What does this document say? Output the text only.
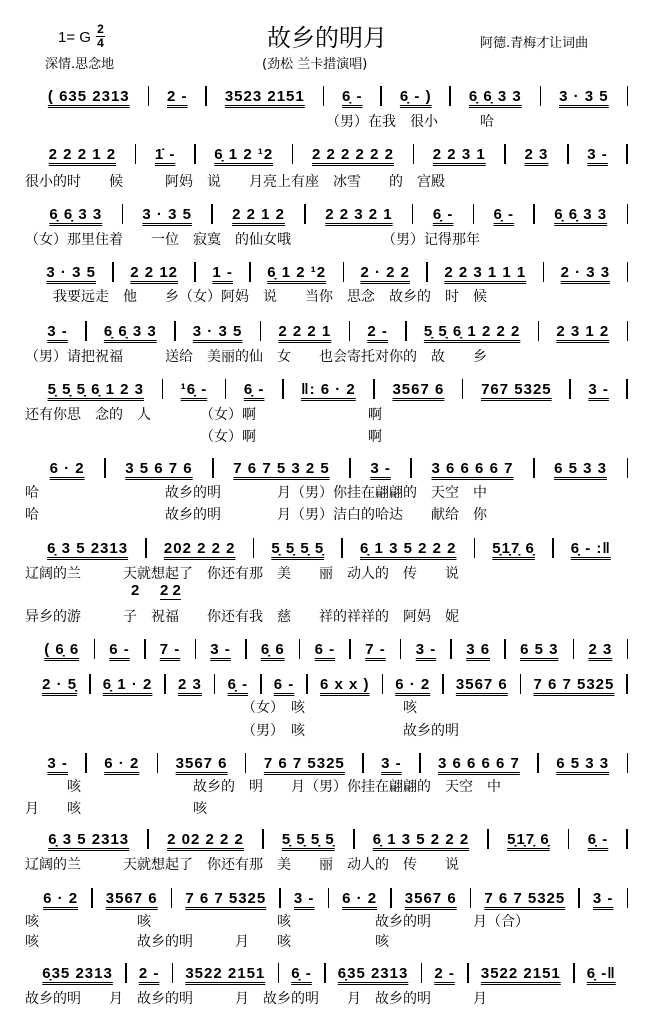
1= G 2
4	故乡的明月	阿德.青梅才让词曲
深情.思念地	(劲松 兰卡措演唱)
( 635 2313	2 -	3523 2151	6̣ -	6̣ - )	6̣ 6̣ 3 3	3 · 3 5
　　　　　　　　　　　　　　　　　　　　　　（男）在我　很小　　　哈
2 2 2 1 2	1̇ -	6̣ 1 2 ¹2	2 2 2 2 2 2	2 2 3 1	2 3	3 -
很小的时　　候　　　阿妈　说　　月亮上有座　冰雪　　的　宫殿
6̣ 6̣ 3 3	3 · 3 5	2 2 1 2	2 2 3 2 1	6̣ -	6̣ -	6̣ 6̣ 3 3
（女）那里住着　　一位　寂寞　的仙女哦　　　　　　　（男）记得那年
3 · 3 5	2 2 12	1 -	6̣ 1 2 ¹2	2 · 2 2	2 2 3 1 1 1	2 · 3 3
　　我要远走　他　　乡（女）阿妈　说　　当你　思念　故乡的　时　候
3 -	6̣ 6̣ 3 3	3 · 3 5	2 2 2 1	2 -	5̣ 5̣ 6̣ 1 2 2 2	2 3 1 2
（男）请把祝福　　　送给　美丽的仙　女　　也会寄托对你的　故　　乡
5̣ 5̣ 5̣ 6̣ 1 2 3	¹6̣ -	6̣ -	‖: 6 · 2	3567 6	767 5325	3 -
还有你思　念的　人　　　　（女）啊　　　　　　　　啊
　　　　　　　　　　　　　（女）啊　　　　　　　　啊
6 · 2	3 5 6 7 6	7 6 7 5 3 2 5	3 -	3 6 6 6 6 7	6 5 3 3
哈　　　　　　　　　故乡的明　　　　月（男）你挂在翩翩的　天空　中
哈　　　　　　　　　故乡的明　　　　月（男）洁白的哈达　　献给　你
6̣ 3 5 2313	202 2 2 2	5̣ 5̣ 5̣ 5̣	6̣ 1 3 5 2 2 2	5̣1̣7̣ 6̣	6̣ - :‖
辽阔的兰　　　天就想起了　你还有那　美　　丽　动人的　传　　说
异乡的游　　　子　祝福　　你还有我　慈　　祥的祥祥的　阿妈　妮
( 6̣ 6	6 -	7 -	3 -	6̣ 6	6 -	7 -	3 -	3 6	6 5 3	2 3
2 · 5̣	6̣ 1 · 2	2 3	6̣ -	6 -	6 x x )	6 · 2	3567 6	7 6 7 5325
　　　　　　　　　　　　　　　　（女）　咳　　　　　　　咳
　　　　　　　　　　　　　　　　（男）　咳　　　　　　　故乡的明
3 -	6 · 2	3567 6	7 6 7 5325	3 -	3 6 6 6 6 7	6 5 3 3
　　　咳　　　　　　　　故乡的　明　　月（男）你挂在翩翩的　天空　中
月　　咳　　　　　　　　咳
6̣ 3 5 2313	2 02 2 2 2	5̣ 5̣ 5̣ 5̣	6̣ 1 3 5 2 2 2	5̣1̣7̣ 6̣	6̣ -
辽阔的兰　　　天就想起了　你还有那　美　　丽　动人的　传　　说
6 · 2	3567 6	7 6 7 5325	3 -	6 · 2	3567 6	7 6 7 5325	3 -
咳　　　　　　　咳　　　　　　　　　咳　　　　　　故乡的明　　　月（合）
咳　　　　　　　故乡的明　　　月　　咳　　　　　　咳
6̣35 2313	2 -	3522 2151	6̣ -	6̣35 2313	2 -	3522 2151	6̣ -‖
故乡的明　　月　故乡的明　　　月　故乡的明　　月　故乡的明　　　月
2 2 2
